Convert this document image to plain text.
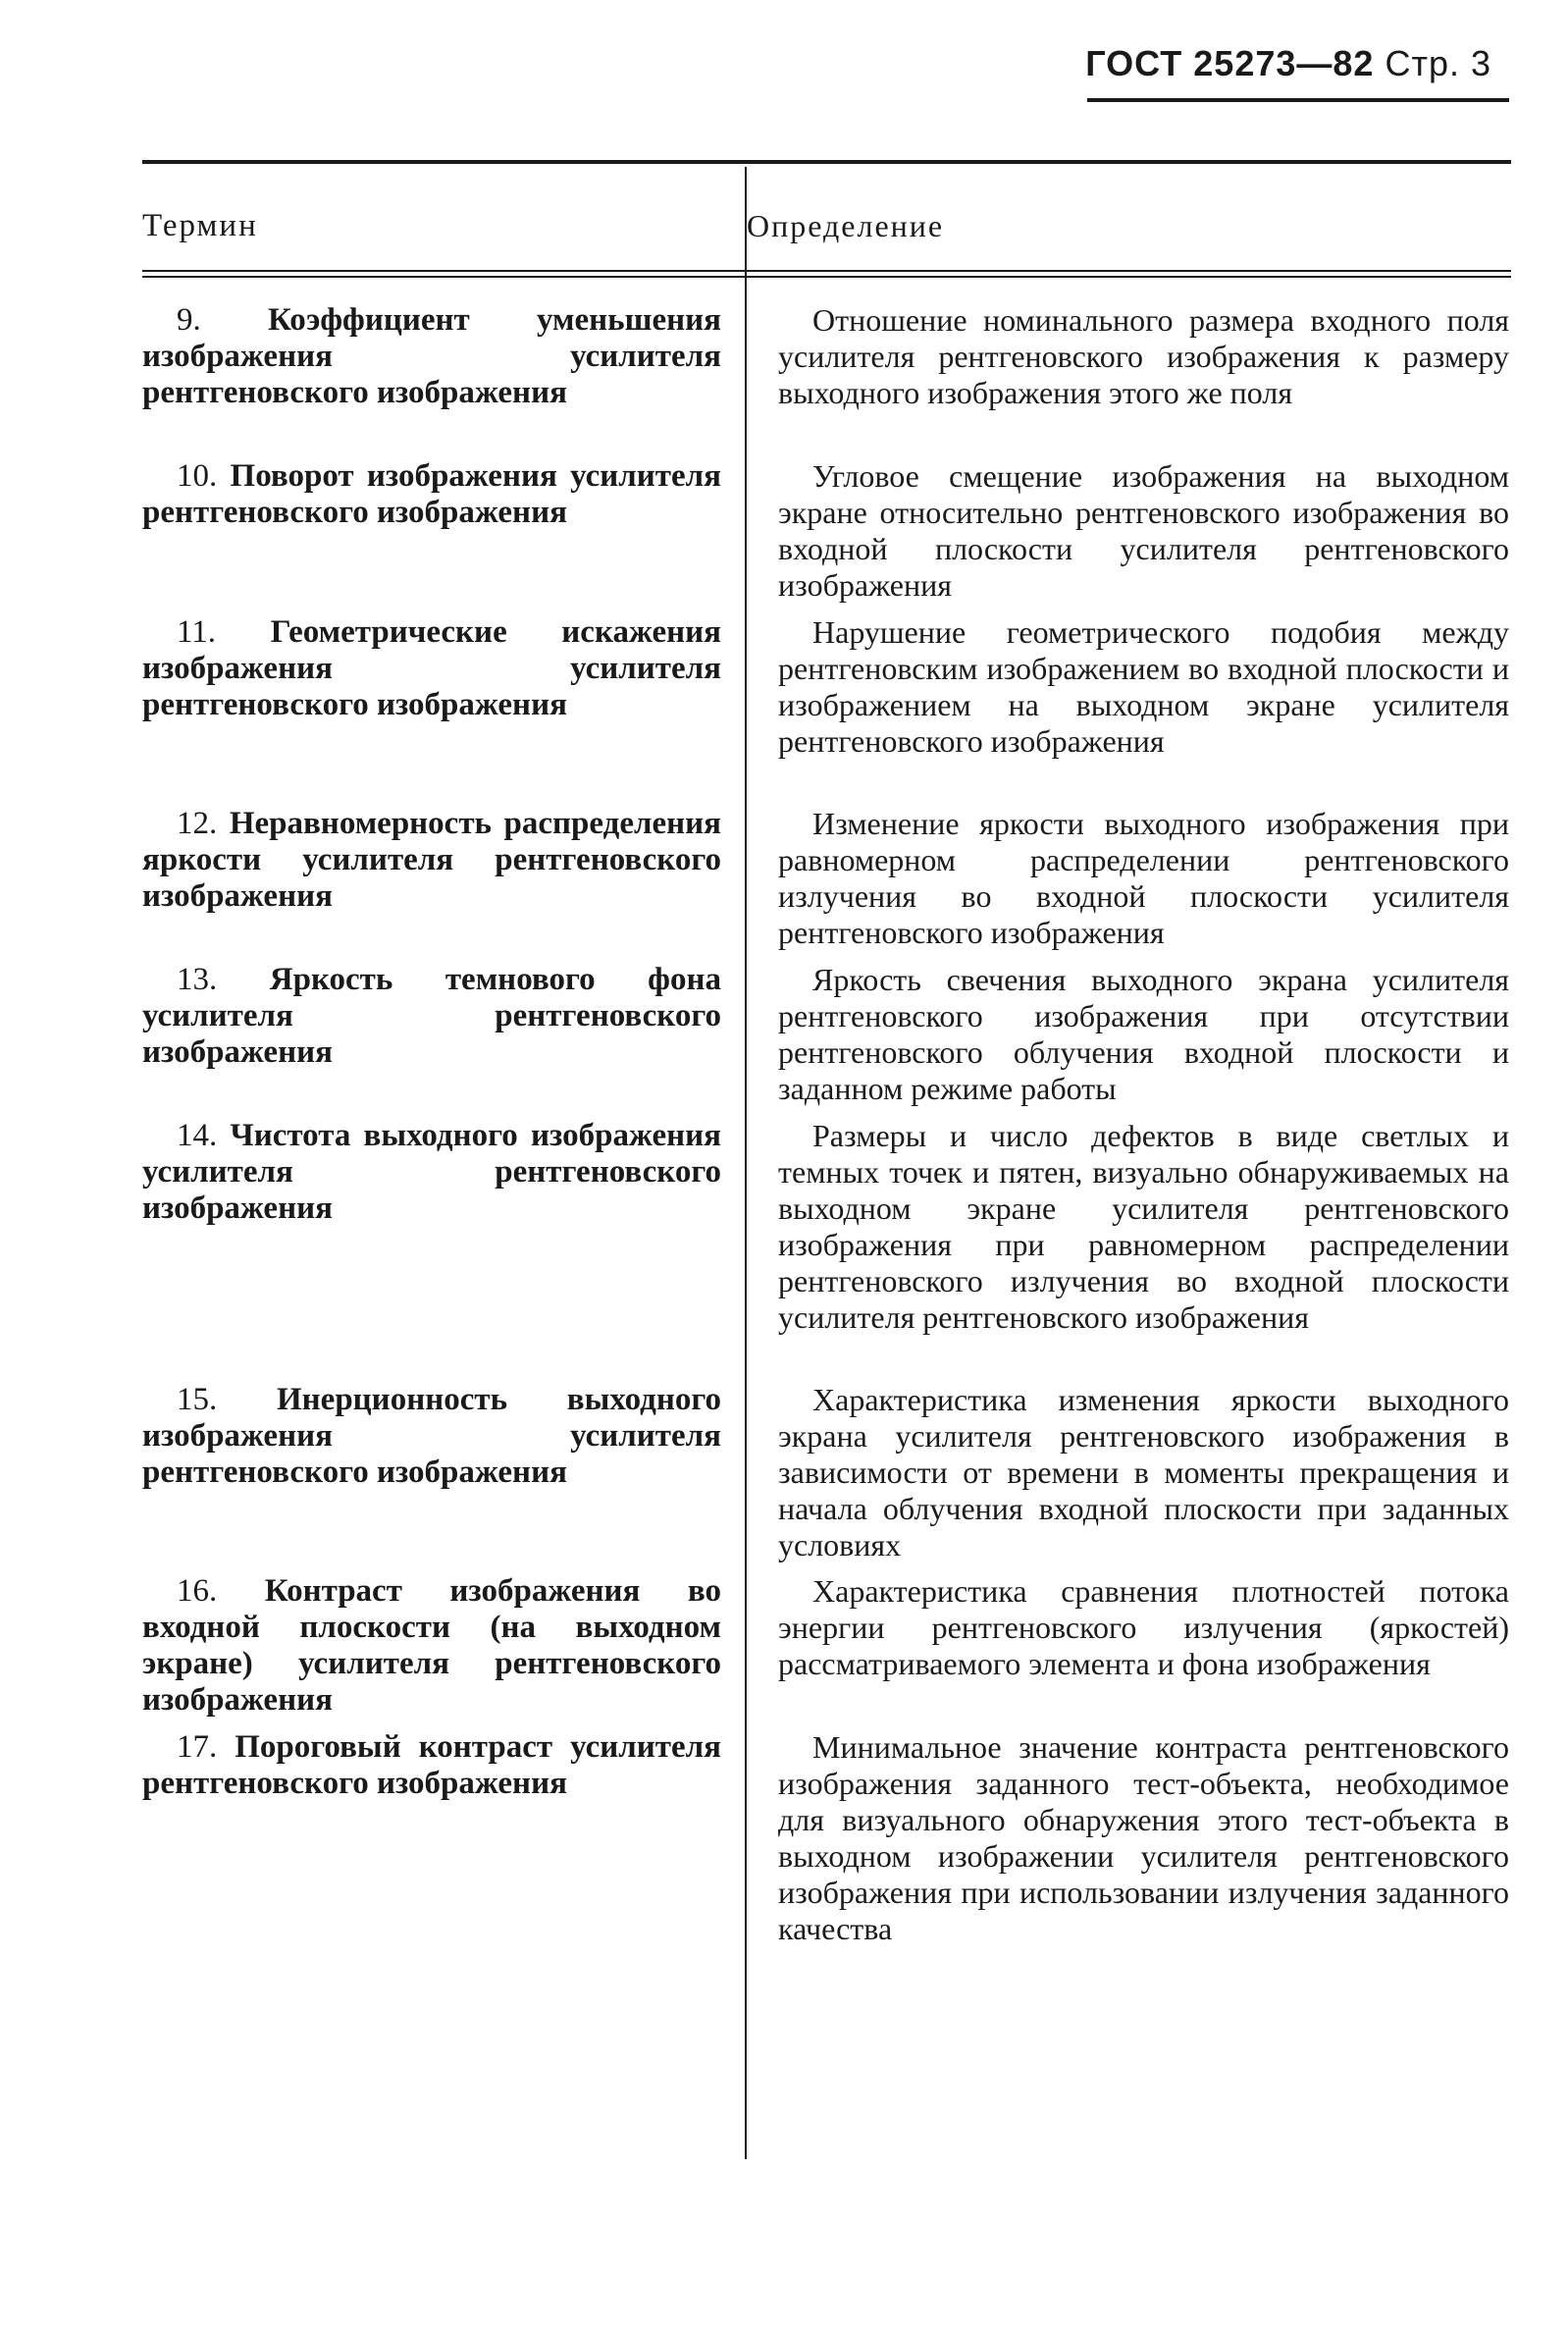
ГОСТ 25273—82 Стр. 3
Термин	Определение

9. Коэффициент уменьшения изображения усилителя рентгеновского изображения

Отношение номинального размера входного поля усилителя рентгеновского изображения к размеру выходного изображения этого же поля

10. Поворот изображения усилителя рентгеновского изображения

Угловое смещение изображения на выходном экране относительно рентгеновского изображения во входной плоскости усилителя рентгеновского изображения

11. Геометрические искажения изображения усилителя рентгеновского изображения

Нарушение геометрического подобия между рентгеновским изображением во входной плоскости и изображением на выходном экране усилителя рентгеновского изображения

12. Неравномерность распределения яркости усилителя рентгеновского изображения

Изменение яркости выходного изображения при равномерном распределении рентгеновского излучения во входной плоскости усилителя рентгеновского изображения

13. Яркость темнового фона усилителя рентгеновского изображения

Яркость свечения выходного экрана усилителя рентгеновского изображения при отсутствии рентгеновского облучения входной плоскости и заданном режиме работы

14. Чистота выходного изображения усилителя рентгеновского изображения

Размеры и число дефектов в виде светлых и темных точек и пятен, визуально обнаруживаемых на выходном экране усилителя рентгеновского изображения при равномерном распределении рентгеновского излучения во входной плоскости усилителя рентгеновского изображения

15. Инерционность выходного изображения усилителя рентгеновского изображения

Характеристика изменения яркости выходного экрана усилителя рентгеновского изображения в зависимости от времени в моменты прекращения и начала облучения входной плоскости при заданных условиях

16. Контраст изображения во входной плоскости (на выходном экране) усилителя рентгеновского изображения

Характеристика сравнения плотностей потока энергии рентгеновского излучения (яркостей) рассматриваемого элемента и фона изображения

17. Пороговый контраст усилителя рентгеновского изображения

Минимальное значение контраста рентгеновского изображения заданного тест-объекта, необходимое для визуального обнаружения этого тест-объекта в выходном изображении усилителя рентгеновского изображения при использовании излучения заданного качества
